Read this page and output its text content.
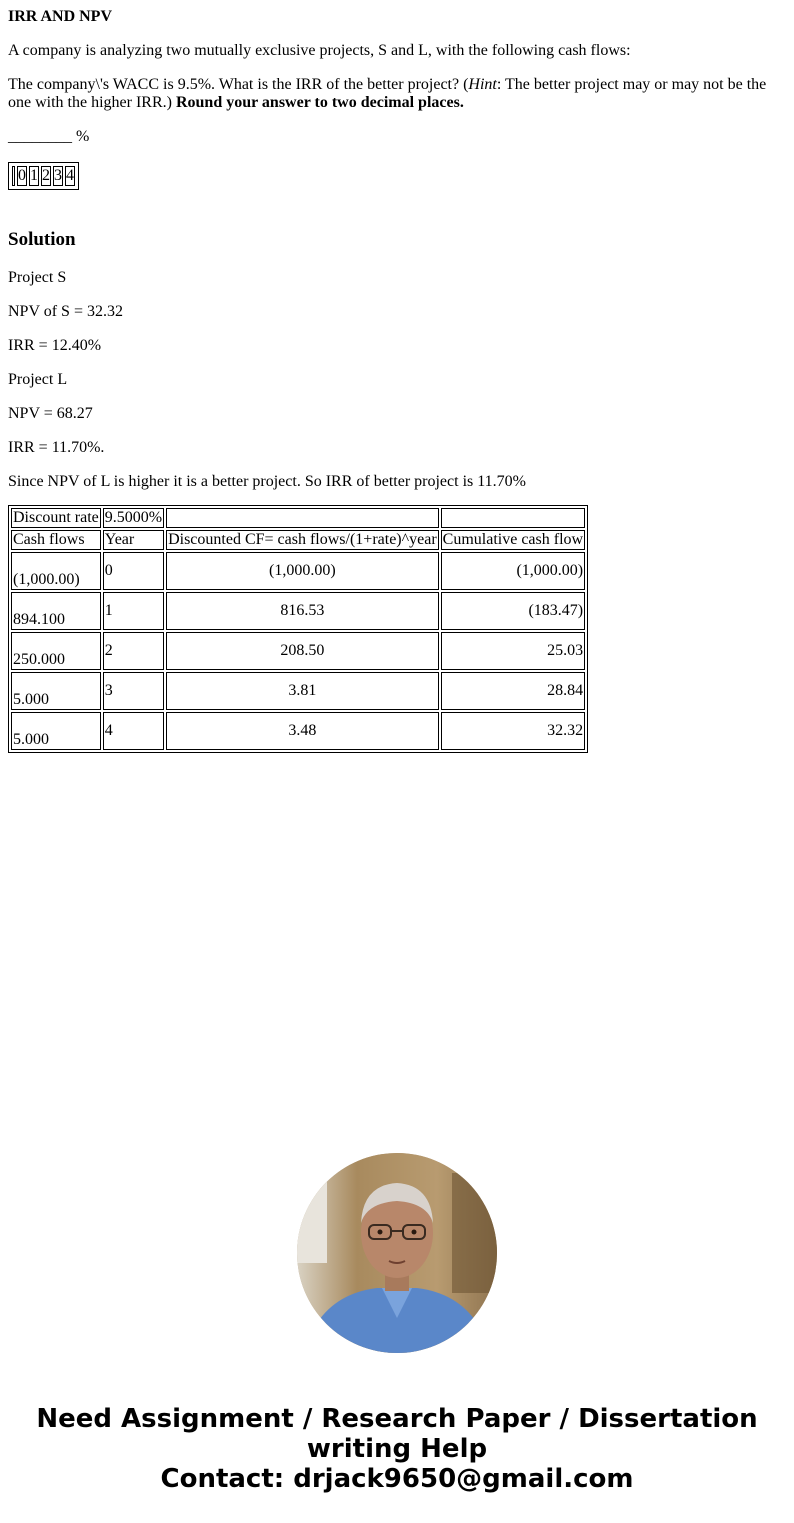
IRR AND NPV

A company is analyzing two mutually exclusive projects, S and L, with the following cash flows:

The company\'s WACC is 9.5%. What is the IRR of the better project? (Hint: The better project may or may not be the one with the higher IRR.) Round your answer to two decimal places.

________ %
	0	1	2	3	4
Solution

Project S

NPV of S = 32.32

IRR = 12.40%

Project L

NPV = 68.27

IRR = 11.70%.

Since NPV of L is higher it is a better project. So IRR of better project is 11.70%

Discount rate	9.5000%		
Cash flows	Year	Discounted CF= cash flows/(1+rate)^year	Cumulative cash flow
(1,000.00)	0	(1,000.00)	(1,000.00)
894.100	1	816.53	(183.47)
250.000	2	208.50	25.03
5.000	3	3.81	28.84
5.000	4	3.48	32.32
Need Assignment / Research Paper / Dissertation
writing Help
Contact: drjack9650@gmail.com
